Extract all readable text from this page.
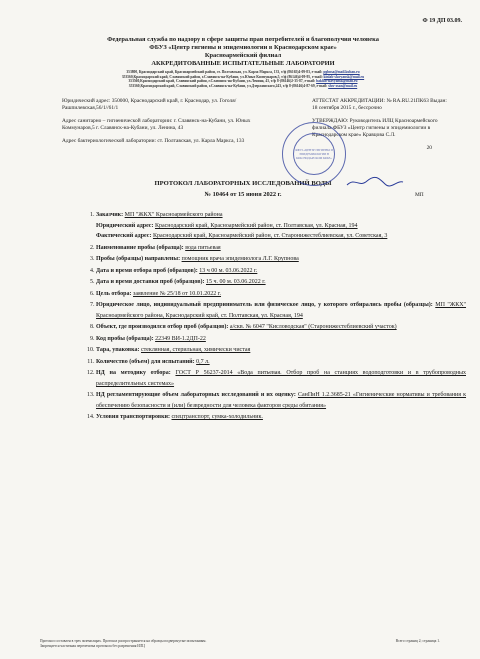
Ф 19 ДП 03.09.
Федеральная служба по надзору в сфере защиты прав потребителей и благополучия человека
ФБУЗ «Центр гигиены и эпидемиологии в Краснодарском крае»
Красноармейский филиал
АККРЕДИТОВАННЫЕ ИСПЫТАТЕЛЬНЫЕ ЛАБОРАТОРИИ
353800, Краснодарский край, Красноармейский район, ст. Полтавская, ул. Карла Маркса, 133, т/ф (86165)4-09-83, e-mail: pgbnsa@mail.kuban.ru
353560,Краснодарский край, Славянский район, г.Славянск-на-Кубани, ул.Юных Коммунаров,5, т/ф (86146)4-09-95, e-mail: kinlab-slavyansk@mail.ru
353560,Краснодарский край, Славянский район, г.Славянск-на-Кубани, ул.Ленина, 43, т/ф 8-(86146)2-35-87, e-mail: baklab-slavyansk@mail.ru
353560,Краснодарский край, Славянский район, г.Славянск-на-Кубани, ул.Дзержинского,243, т/ф 8-(86146)4-87-69, e-mail: sluv-osan@mail.ru

Юридический адрес: 350000, Краснодарский край, г. Краснодар, ул. Гоголя/Рашпилевская,56/1//61/1

Адрес санитарно – гигиенической лаборатории: г. Славянск-на-Кубани, ул. Юных Коммунаров,5 г. Славянск-на-Кубани, ул. Ленина, 43

Адрес бактериологической лаборатории: ст. Полтавская, ул. Карла Маркса, 133

АТТЕСТАТ АККРЕДИТАЦИИ: № RA.RU.21ПК63 Выдан: 18 сентября 2015 г., бессрочно

УТВЕРЖДАЮ: Руководитель ИЛЦ Красноармейского филиала ФБУЗ «Центр гигиены и эпидемиологии в Краснодарском крае» Кравцова С.Л.

20

ФБУЗ «ЦЕНТР ГИГИЕНЫ И ЭПИДЕМИОЛОГИИ В КРАСНОДАРСКОМ КРАЕ»
МП
ПРОТОКОЛ ЛАБОРАТОРНЫХ ИССЛЕДОВАНИЙ ВОДЫ
№ 10464 от 15 июня 2022 г.
1. Заказчик: МП "ЖКХ" Красноармейского района

Юридический адрес: Краснодарский край, Красноармейский район, ст. Полтавская, ул. Красная, 194

Фактический адрес: Краснодарский край, Красноармейский район, ст. Старонижестеблиевская, ул. Советская, 3

2. Наименование пробы (образца): вода питьевая
3. Пробы (образцы) направлены: помощник врача эпидемиолога Л.Г. Крупнова
4. Дата и время отбора проб (образцов): 13 ч 00 м. 03.06.2022 г.
5. Дата и время доставки проб (образцов): 15 ч. 00 м. 03.06.2022 г.
6. Цель отбора: заявление № 25/18 от 10.01.2022 г.
7. Юридическое лицо, индивидуальный предприниматель или физическое лицо, у которого отбирались пробы (образцы): МП "ЖКХ" Красноармейского района, Краснодарский край, ст. Полтавская, ул. Красная, 194
8. Объект, где производился отбор проб (образцов): а/скв. № 6047 "Кисловодская" (Старонижестеблиевский участок)
9. Код пробы (образца): 22349 ВИ-1.2ДП-22
10. Тара, упаковка: стеклянная, стерильная, химически чистая
11. Количество (объем) для испытаний: 0,7 л.
12. НД на методику отбора: ГОСТ Р 56237-2014 «Вода питьевая. Отбор проб на станциях водоподготовки и в трубопроводных распределительных системах»
13. НД регламентирующие объем лабораторных исследований и их оценку: СанПиН 1.2.3685-21 «Гигиенические нормативы и требования к обеспечению безопасности и (или) безвредности для человека факторов среды обитания»
14. Условия транспортировки: спецтранспорт, сумка-холодильник.
Протокол составлен в трех экземплярах. Протокол распространяется на образцы подвергнутые испытаниям.
Запрещается частичная перепечатка протокола без разрешения ИЛЦ
Всего страниц 2; страница 1.
